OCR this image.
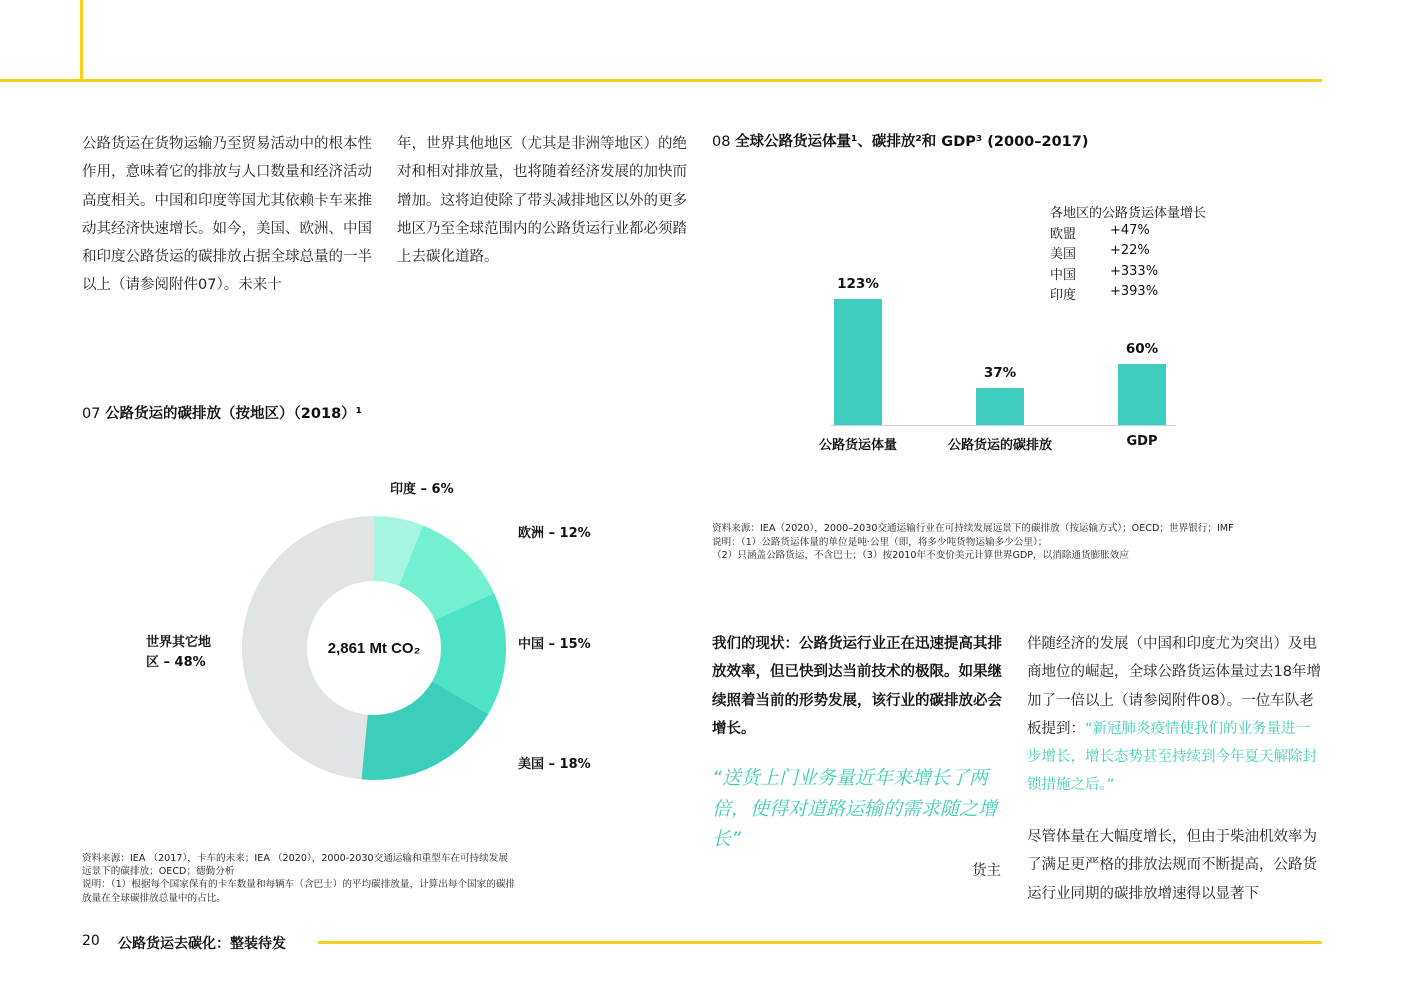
公路货运在货物运输乃至贸易活动中的根本性作用，意味着它的排放与人口数量和经济活动高度相关。中国和印度等国尤其依赖卡车来推动其经济快速增长。如今，美国、欧洲、中国和印度公路货运的碳排放占据全球总量的一半以上（请参阅附件07）。未来十
年，世界其他地区（尤其是非洲等地区）的绝对和相对排放量，也将随着经济发展的加快而增加。这将迫使除了带头减排地区以外的更多地区乃至全球范围内的公路货运行业都必须踏上去碳化道路。
07 公路货运的碳排放（按地区）（2018）¹
2,861 Mt CO₂
印度 – 6%
欧洲 – 12%
中国 – 15%
美国 – 18%
世界其它地
区 – 48%
资料来源：IEA （2017），卡车的未来；IEA （2020），2000-2030交通运输和重型车在可持续发展
远景下的碳排放；OECD；德勤分析
说明：（1）根据每个国家保有的卡车数量和每辆车（含巴士）的平均碳排放量，计算出每个国家的碳排
放量在全球碳排放总量中的占比。
08 全球公路货运体量¹、碳排放²和 GDP³ (2000–2017)
各地区的公路货运体量增长
欧盟	+47%
美国	+22%
中国	+333%
印度	+393%
123%
37%
60%
公路货运体量	公路货运的碳排放	GDP
资料来源：IEA（2020），2000–2030交通运输行业在可持续发展远景下的碳排放（按运输方式）；OECD；世界银行；IMF
说明：（1）公路货运体量的单位是吨·公里（即，将多少吨货物运输多少公里）；
（2）只涵盖公路货运，不含巴士；（3）按2010年不变价美元计算世界GDP，以消除通货膨胀效应
我们的现状：公路货运行业正在迅速提高其排放效率，但已快到达当前技术的极限。如果继续照着当前的形势发展，该行业的碳排放必会增长。
“送货上门业务量近年来增长了两倍，使得对道路运输的需求随之增长”
货主
伴随经济的发展（中国和印度尤为突出）及电商地位的崛起，全球公路货运体量过去18年增加了一倍以上（请参阅附件08）。一位车队老板提到：“新冠肺炎疫情使我们的业务量进一步增长，增长态势甚至持续到今年夏天解除封锁措施之后。”
尽管体量在大幅度增长，但由于柴油机效率为了满足更严格的排放法规而不断提高，公路货运行业同期的碳排放增速得以显著下
20 公路货运去碳化：整装待发
